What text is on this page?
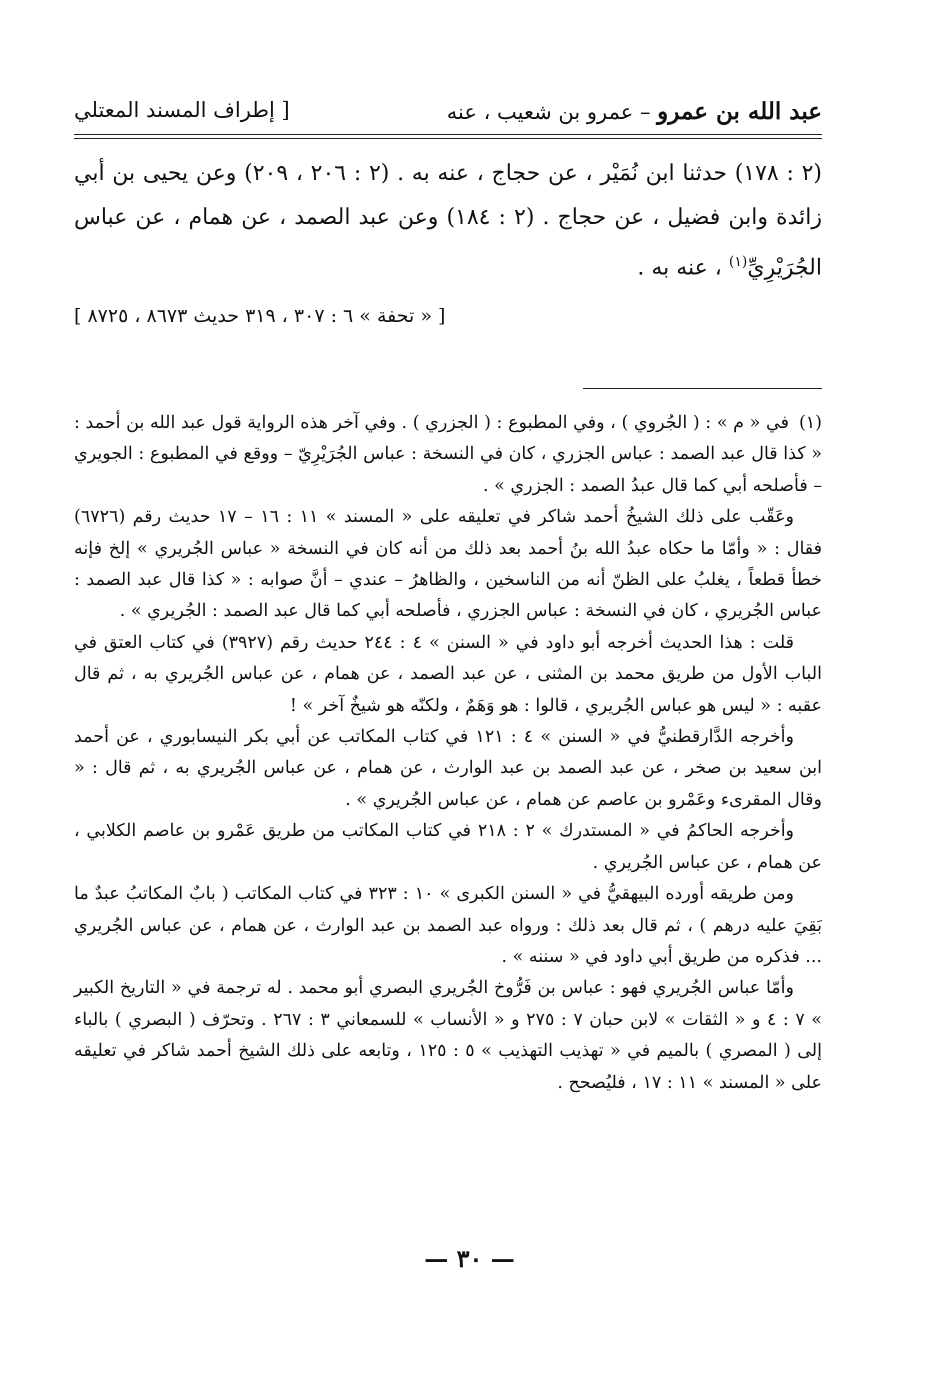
عبد الله بن عمرو – عمرو بن شعيب ، عنه
[ إطراف المسند المعتلي

(٢ : ١٧٨) حدثنا ابن نُمَيْر ، عن حجاج ، عنه به . (٢ : ٢٠٦ ، ٢٠٩) وعن يحيى بن أبي زائدة وابن فضيل ، عن حجاج . (٢ : ١٨٤) وعن عبد الصمد ، عن همام ، عن عباس الجُرَيْرِيِّ$^{(١)}$ ، عنه به .

[ « تحفة » ٦ : ٣٠٧ ، ٣١٩ حديث ٨٦٧٣ ، ٨٧٢٥ ]

(١)في « م » : ( الجُروي ) ، وفي المطبوع : ( الجزري ) . وفي آخر هذه الرواية قول عبد الله بن أحمد : « كذا قال عبد الصمد : عباس الجزري ، كان في النسخة : عباس الجُرَيْرِيّ – ووقع في المطبوع : الجويري – فأصلحه أبي كما قال عبدُ الصمد : الجزري » .

وعَقّب على ذلك الشيخُ أحمد شاكر في تعليقه على « المسند » ١١ : ١٦ – ١٧ حديث رقم (٦٧٢٦) فقال : « وأمّا ما حكاه عبدُ الله بنُ أحمد بعد ذلك من أنه كان في النسخة « عباس الجُريري » إلخ فإنه خطأ قطعاً ، يغلبُ على الظنّ أنه من الناسخين ، والظاهرُ – عندي – أنَّ صوابه : « كذا قال عبد الصمد : عباس الجُريري ، كان في النسخة : عباس الجزري ، فأصلحه أبي كما قال عبد الصمد : الجُريري » .

قلت : هذا الحديث أخرجه أبو داود في « السنن » ٤ : ٢٤٤ حديث رقم (٣٩٢٧) في كتاب العتق في الباب الأول من طريق محمد بن المثنى ، عن عبد الصمد ، عن همام ، عن عباس الجُريري به ، ثم قال عقبه : « ليس هو عباس الجُريري ، قالوا : هو وَهَمٌ ، ولكنّه هو شيخٌ آخر » !

وأخرجه الدَّارقطنيُّ في « السنن » ٤ : ١٢١ في كتاب المكاتب عن أبي بكر النيسابوري ، عن أحمد ابن سعيد بن صخر ، عن عبد الصمد بن عبد الوارث ، عن همام ، عن عباس الجُريري به ، ثم قال : « وقال المقرىء وعَمْرو بن عاصم عن همام ، عن عباس الجُريري » .

وأخرجه الحاكمُ في « المستدرك » ٢ : ٢١٨ في كتاب المكاتب من طريق عَمْرو بن عاصم الكلابي ، عن همام ، عن عباس الجُريري .

ومن طريقه أورده البيهقيُّ في « السنن الكبرى » ١٠ : ٣٢٣ في كتاب المكاتب ( بابٌ المكاتبُ عبدٌ ما بَقِيَ عليه درهم ) ، ثم قال بعد ذلك : ورواه عبد الصمد بن عبد الوارث ، عن همام ، عن عباس الجُريري ... فذكره من طريق أبي داود في « سننه » .

وأمّا عباس الجُريري فهو : عباس بن فَرُّوخ الجُريري البصري أبو محمد . له ترجمة في « التاريخ الكبير » ٧ : ٤ و « الثقات » لابن حبان ٧ : ٢٧٥ و « الأنساب » للسمعاني ٣ : ٢٦٧ . وتحرّف ( البصري ) بالباء إلى ( المصري ) بالميم في « تهذيب التهذيب » ٥ : ١٢٥ ، وتابعه على ذلك الشيخ أحمد شاكر في تعليقه على « المسند » ١١ : ١٧ ، فليُصحح .

— ٣٠ —
